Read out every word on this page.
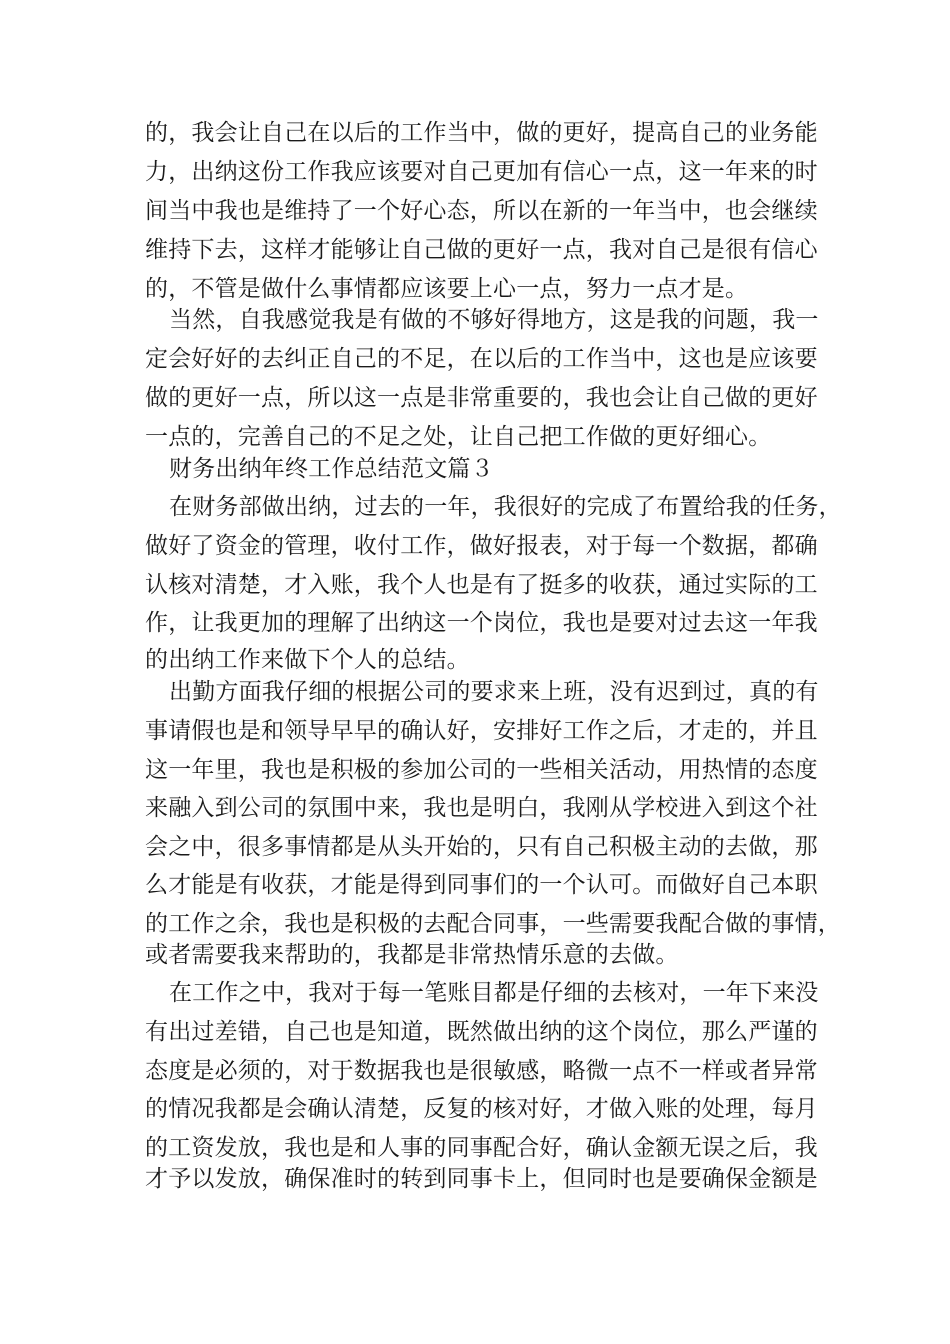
的，我会让自己在以后的工作当中，做的更好，提高自己的业务能
力，出纳这份工作我应该要对自己更加有信心一点，这一年来的时
间当中我也是维持了一个好心态，所以在新的一年当中，也会继续
维持下去，这样才能够让自己做的更好一点，我对自己是很有信心
的，不管是做什么事情都应该要上心一点，努力一点才是。
当然，自我感觉我是有做的不够好得地方，这是我的问题，我一
定会好好的去纠正自己的不足，在以后的工作当中，这也是应该要
做的更好一点，所以这一点是非常重要的，我也会让自己做的更好
一点的，完善自己的不足之处，让自己把工作做的更好细心。
财务出纳年终工作总结范文篇３
在财务部做出纳，过去的一年，我很好的完成了布置给我的任务，
做好了资金的管理，收付工作，做好报表，对于每一个数据，都确
认核对清楚，才入账，我个人也是有了挺多的收获，通过实际的工
作，让我更加的理解了出纳这一个岗位，我也是要对过去这一年我
的出纳工作来做下个人的总结。
出勤方面我仔细的根据公司的要求来上班，没有迟到过，真的有
事请假也是和领导早早的确认好，安排好工作之后，才走的，并且
这一年里，我也是积极的参加公司的一些相关活动，用热情的态度
来融入到公司的氛围中来，我也是明白，我刚从学校进入到这个社
会之中，很多事情都是从头开始的，只有自己积极主动的去做，那
么才能是有收获，才能是得到同事们的一个认可。而做好自己本职
的工作之余，我也是积极的去配合同事，一些需要我配合做的事情，
或者需要我来帮助的，我都是非常热情乐意的去做。
在工作之中，我对于每一笔账目都是仔细的去核对，一年下来没
有出过差错，自己也是知道，既然做出纳的这个岗位，那么严谨的
态度是必须的，对于数据我也是很敏感，略微一点不一样或者异常
的情况我都是会确认清楚，反复的核对好，才做入账的处理，每月
的工资发放，我也是和人事的同事配合好，确认金额无误之后，我
才予以发放，确保准时的转到同事卡上，但同时也是要确保金额是
